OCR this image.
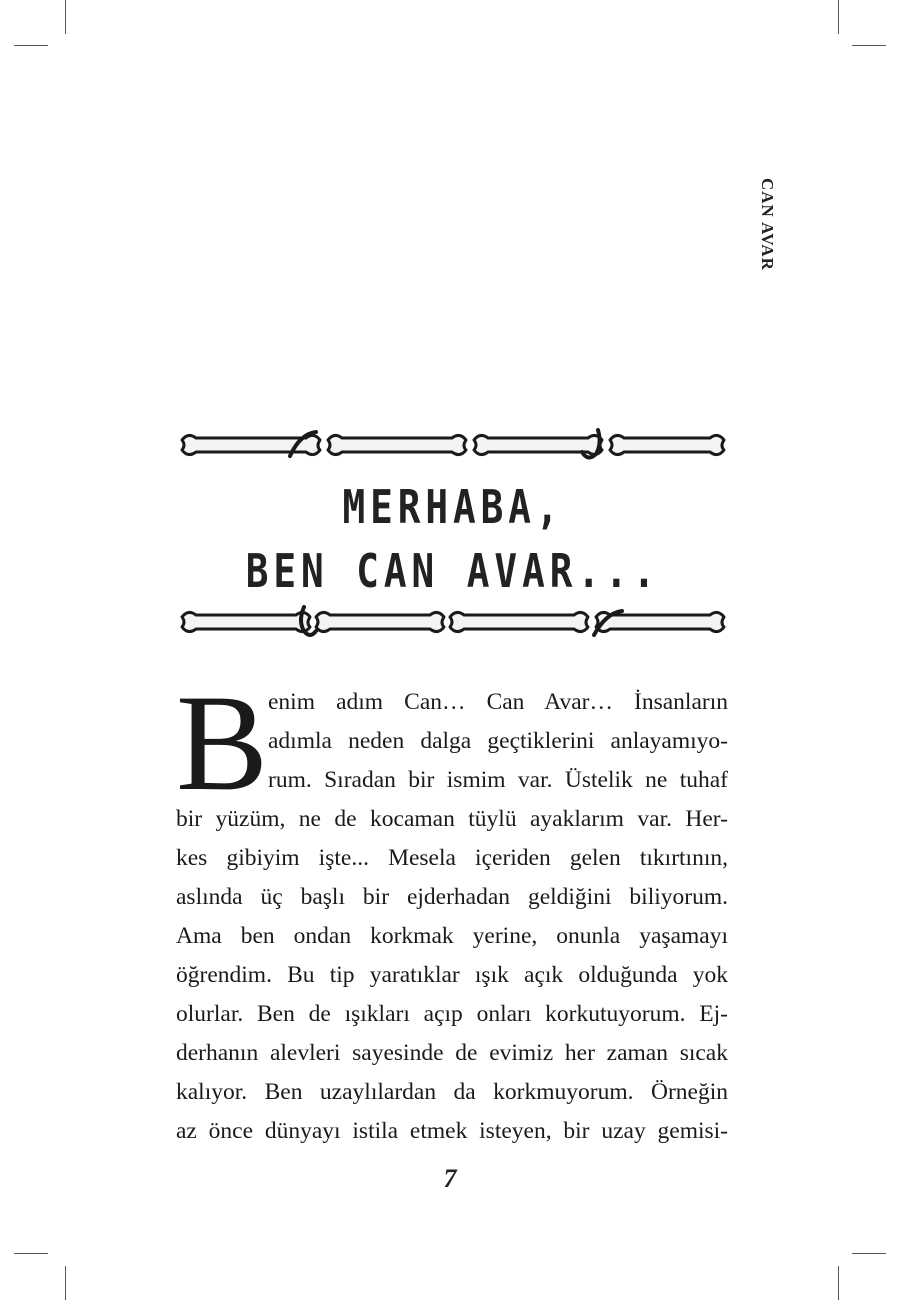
CAN AVAR
MERHABA,
BEN CAN AVAR...
B enim adım Can… Can Avar… İnsanların
adımla neden dalga geçtiklerini anlayamıyo-
rum. Sıradan bir ismim var. Üstelik ne tuhaf
bir yüzüm, ne de kocaman tüylü ayaklarım var. Her-
kes gibiyim işte... Mesela içeriden gelen tıkırtının,
aslında üç başlı bir ejderhadan geldiğini biliyorum.
Ama ben ondan korkmak yerine, onunla yaşamayı
öğrendim. Bu tip yaratıklar ışık açık olduğunda yok
olurlar. Ben de ışıkları açıp onları korkutuyorum. Ej-
derhanın alevleri sayesinde de evimiz her zaman sıcak
kalıyor. Ben uzaylılardan da korkmuyorum. Örneğin
az önce dünyayı istila etmek isteyen, bir uzay gemisi-
7
